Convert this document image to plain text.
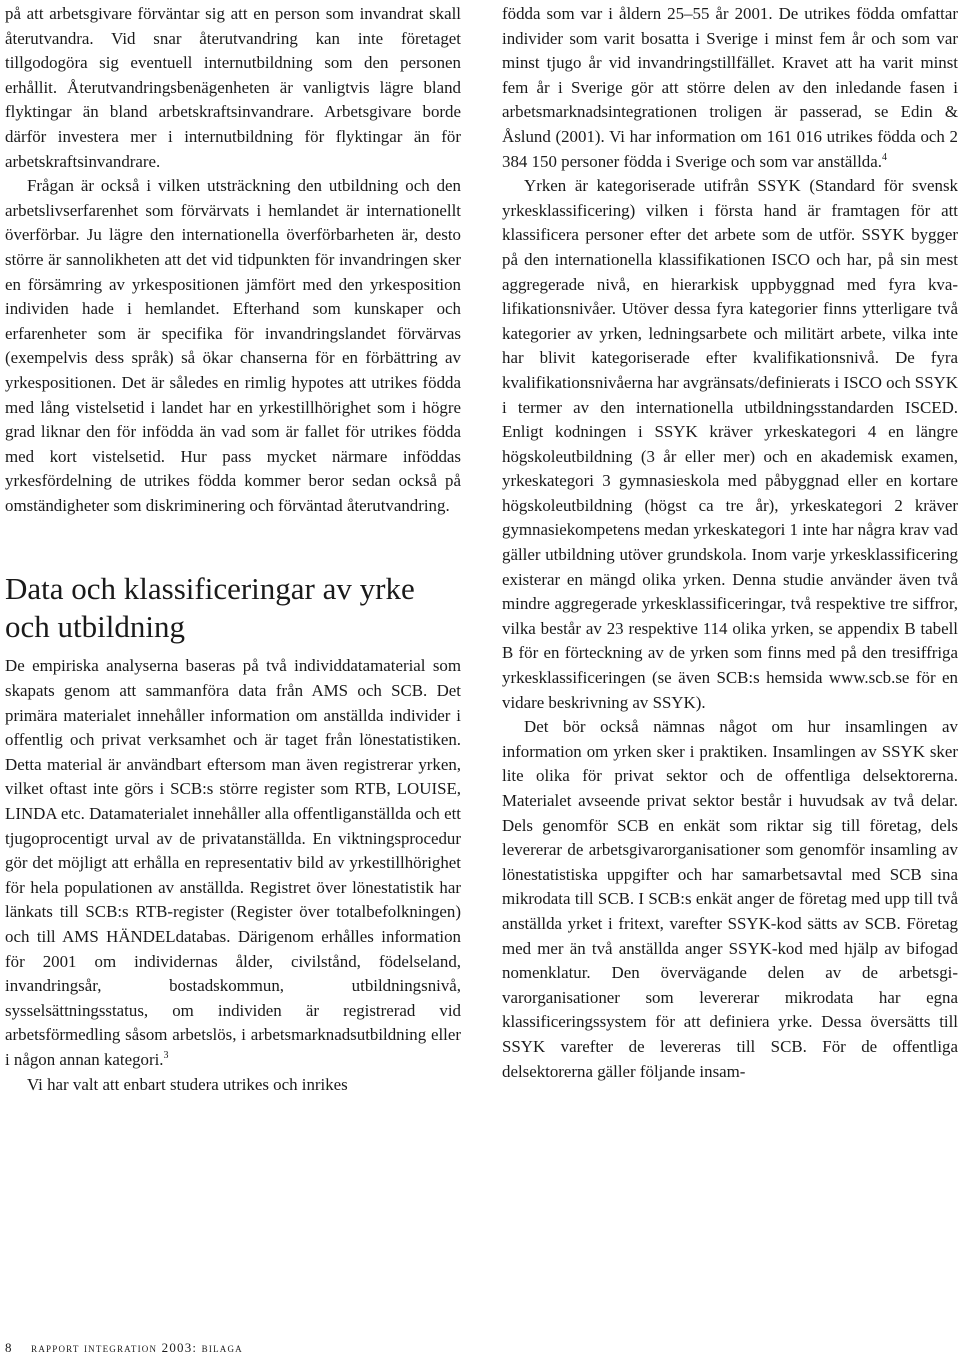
på att arbetsgivare förväntar sig att en person som invandrat skall återutvandra. Vid snar återutvandring kan inte företaget tillgodogöra sig eventuell internutbildning som den personen erhållit. Återutvandringsbenägenheten är vanligtvis lägre bland flyktingar än bland arbetskraftsinvandrare. Arbetsgivare borde därför investera mer i internutbildning för flyktingar än för arbetskraftsinvandrare.

Frågan är också i vilken utsträckning den utbildning och den arbetslivserfarenhet som förvärvats i hemlandet är internationellt överförbar. Ju lägre den internationella överförbarheten är, desto större är sannolikheten att det vid tidpunkten för invandringen sker en försämring av yrkespositionen jämfört med den yrkesposition individen hade i hemlandet. Efterhand som kunskaper och erfarenheter som är specifika för invandringslandet förvärvas (exempelvis dess språk) så ökar chanserna för en förbättring av yrkespositionen. Det är således en rimlig hypotes att utrikes födda med lång vistelsetid i landet har en yrkestillhörighet som i högre grad liknar den för infödda än vad som är fallet för utrikes födda med kort vistelsetid. Hur pass mycket närmare inföddas yrkesfördelning de utrikes födda kommer beror sedan också på omständigheter som diskriminering och förväntad återutvandring.

Data och klassificeringar av yrke och utbildning

De empiriska analyserna baseras på två individdatamaterial som skapats genom att sammanföra data från AMS och SCB. Det primära materialet innehåller information om anställda individer i offentlig och privat verksamhet och är taget från lönestatistiken. Detta material är användbart eftersom man även registrerar yrken, vilket oftast inte görs i SCB:s större register som RTB, LOUISE, LINDA etc. Datamaterialet innehåller alla offentliganställda och ett tjugoprocentigt urval av de privatanställda. En viktningsprocedur gör det möjligt att erhålla en representativ bild av yrkestillhörighet för hela populationen av anställda. Registret över lönestatistik har länkats till SCB:s RTB-register (Register över totalbefolkningen) och till AMS HÄNDELdatabas. Därigenom erhålles information för 2001 om individernas ålder, civilstånd, födelseland, invandringsår, bostadskommun, utbildningsnivå, sysselsättningsstatus, om individen är registrerad vid arbetsförmedling såsom arbetslös, i arbetsmarknadsutbildning eller i någon annan kategori.$^3$

Vi har valt att enbart studera utrikes och inrikes

födda som var i åldern 25–55 år 2001. De utrikes födda omfattar individer som varit bosatta i Sverige i minst fem år och som var minst tjugo år vid invandringstillfället. Kravet att ha varit minst fem år i Sverige gör att större delen av den inledande fasen i arbetsmarknadsintegrationen troligen är passerad, se Edin & Åslund (2001). Vi har information om 161 016 utrikes födda och 2 384 150 personer födda i Sverige och som var anställda.$^4$

Yrken är kategoriserade utifrån SSYK (Standard för svensk yrkesklassificering) vilken i första hand är framtagen för att klassificera personer efter det arbete som de utför. SSYK bygger på den internationella klassifikationen ISCO och har, på sin mest aggregerade nivå, en hierarkisk uppbyggnad med fyra kvalifikationsnivåer. Utöver dessa fyra kategorier finns ytterligare två kategorier av yrken, ledningsarbete och militärt arbete, vilka inte har blivit kategoriserade efter kvalifikationsnivå. De fyra kvalifikationsnivåerna har avgränsats/definierats i ISCO och SSYK i termer av den internationella utbildningsstandarden ISCED. Enligt kodningen i SSYK kräver yrkeskategori 4 en längre högskoleutbildning (3 år eller mer) och en akademisk examen, yrkeskategori 3 gymnasieskola med påbyggnad eller en kortare högskoleutbildning (högst ca tre år), yrkeskategori 2 kräver gymnasiekompetens medan yrkeskategori 1 inte har några krav vad gäller utbildning utöver grundskola. Inom varje yrkesklassificering existerar en mängd olika yrken. Denna studie använder även två mindre aggregerade yrkesklassificeringar, två respektive tre siffror, vilka består av 23 respektive 114 olika yrken, se appendix B tabell B för en förteckning av de yrken som finns med på den tresiffriga yrkesklassificeringen (se även SCB:s hemsida www.scb.se för en vidare beskrivning av SSYK).

Det bör också nämnas något om hur insamlingen av information om yrken sker i praktiken. Insamlingen av SSYK sker lite olika för privat sektor och de offentliga delsektorerna. Materialet avseende privat sektor består i huvudsak av två delar. Dels genomför SCB en enkät som riktar sig till företag, dels levererar de arbetsgivarorganisationer som genomför insamling av lönestatistiska uppgifter och har samarbetsavtal med SCB sina mikrodata till SCB. I SCB:s enkät anger de företag med upp till två anställda yrket i fritext, varefter SSYK-kod sätts av SCB. Företag med mer än två anställda anger SSYK-kod med hjälp av bifogad nomenklatur. Den övervägande delen av de arbetsgivarorganisationer som levererar mikrodata har egna klassificeringssystem för att definiera yrke. Dessa översätts till SSYK varefter de levereras till SCB. För de offentliga delsektorerna gäller följande insam-

8 rapport integration 2003: bilaga
